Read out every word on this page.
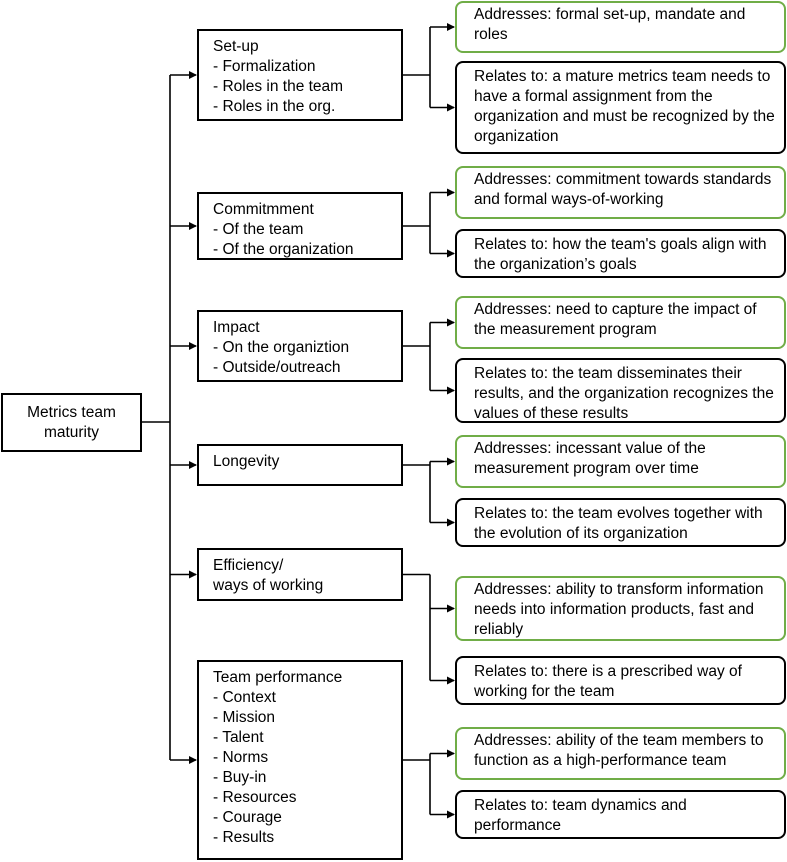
Metrics team
maturity
Set-up
- Formalization
- Roles in the team
- Roles in the org.
Addresses: formal set-up, mandate and roles
Relates to: a mature metrics team needs to have a formal assignment from the organization and must be recognized by the organization
Commitmment
- Of the team
- Of the organization
Addresses: commitment towards standards and formal ways-of-working
Relates to: how the team's goals align with the organization’s goals
Impact
- On the organiztion
- Outside/outreach
Addresses: need to capture the impact of the measurement program
Relates to: the team disseminates their results, and the organization recognizes the values of these results
Longevity
Addresses: incessant value of the measurement program over time
Relates to: the team evolves together with the evolution of its organization
Efficiency/
ways of working	Addresses: ability to transform information needs into information products, fast and reliably
Relates to: there is a prescribed way of working for the team
Team performance
- Context
- Mission
- Talent
- Norms
- Buy-in
- Resources
- Courage
- Results
Addresses: ability of the team members to function as a high-performance team
Relates to: team dynamics and performance
